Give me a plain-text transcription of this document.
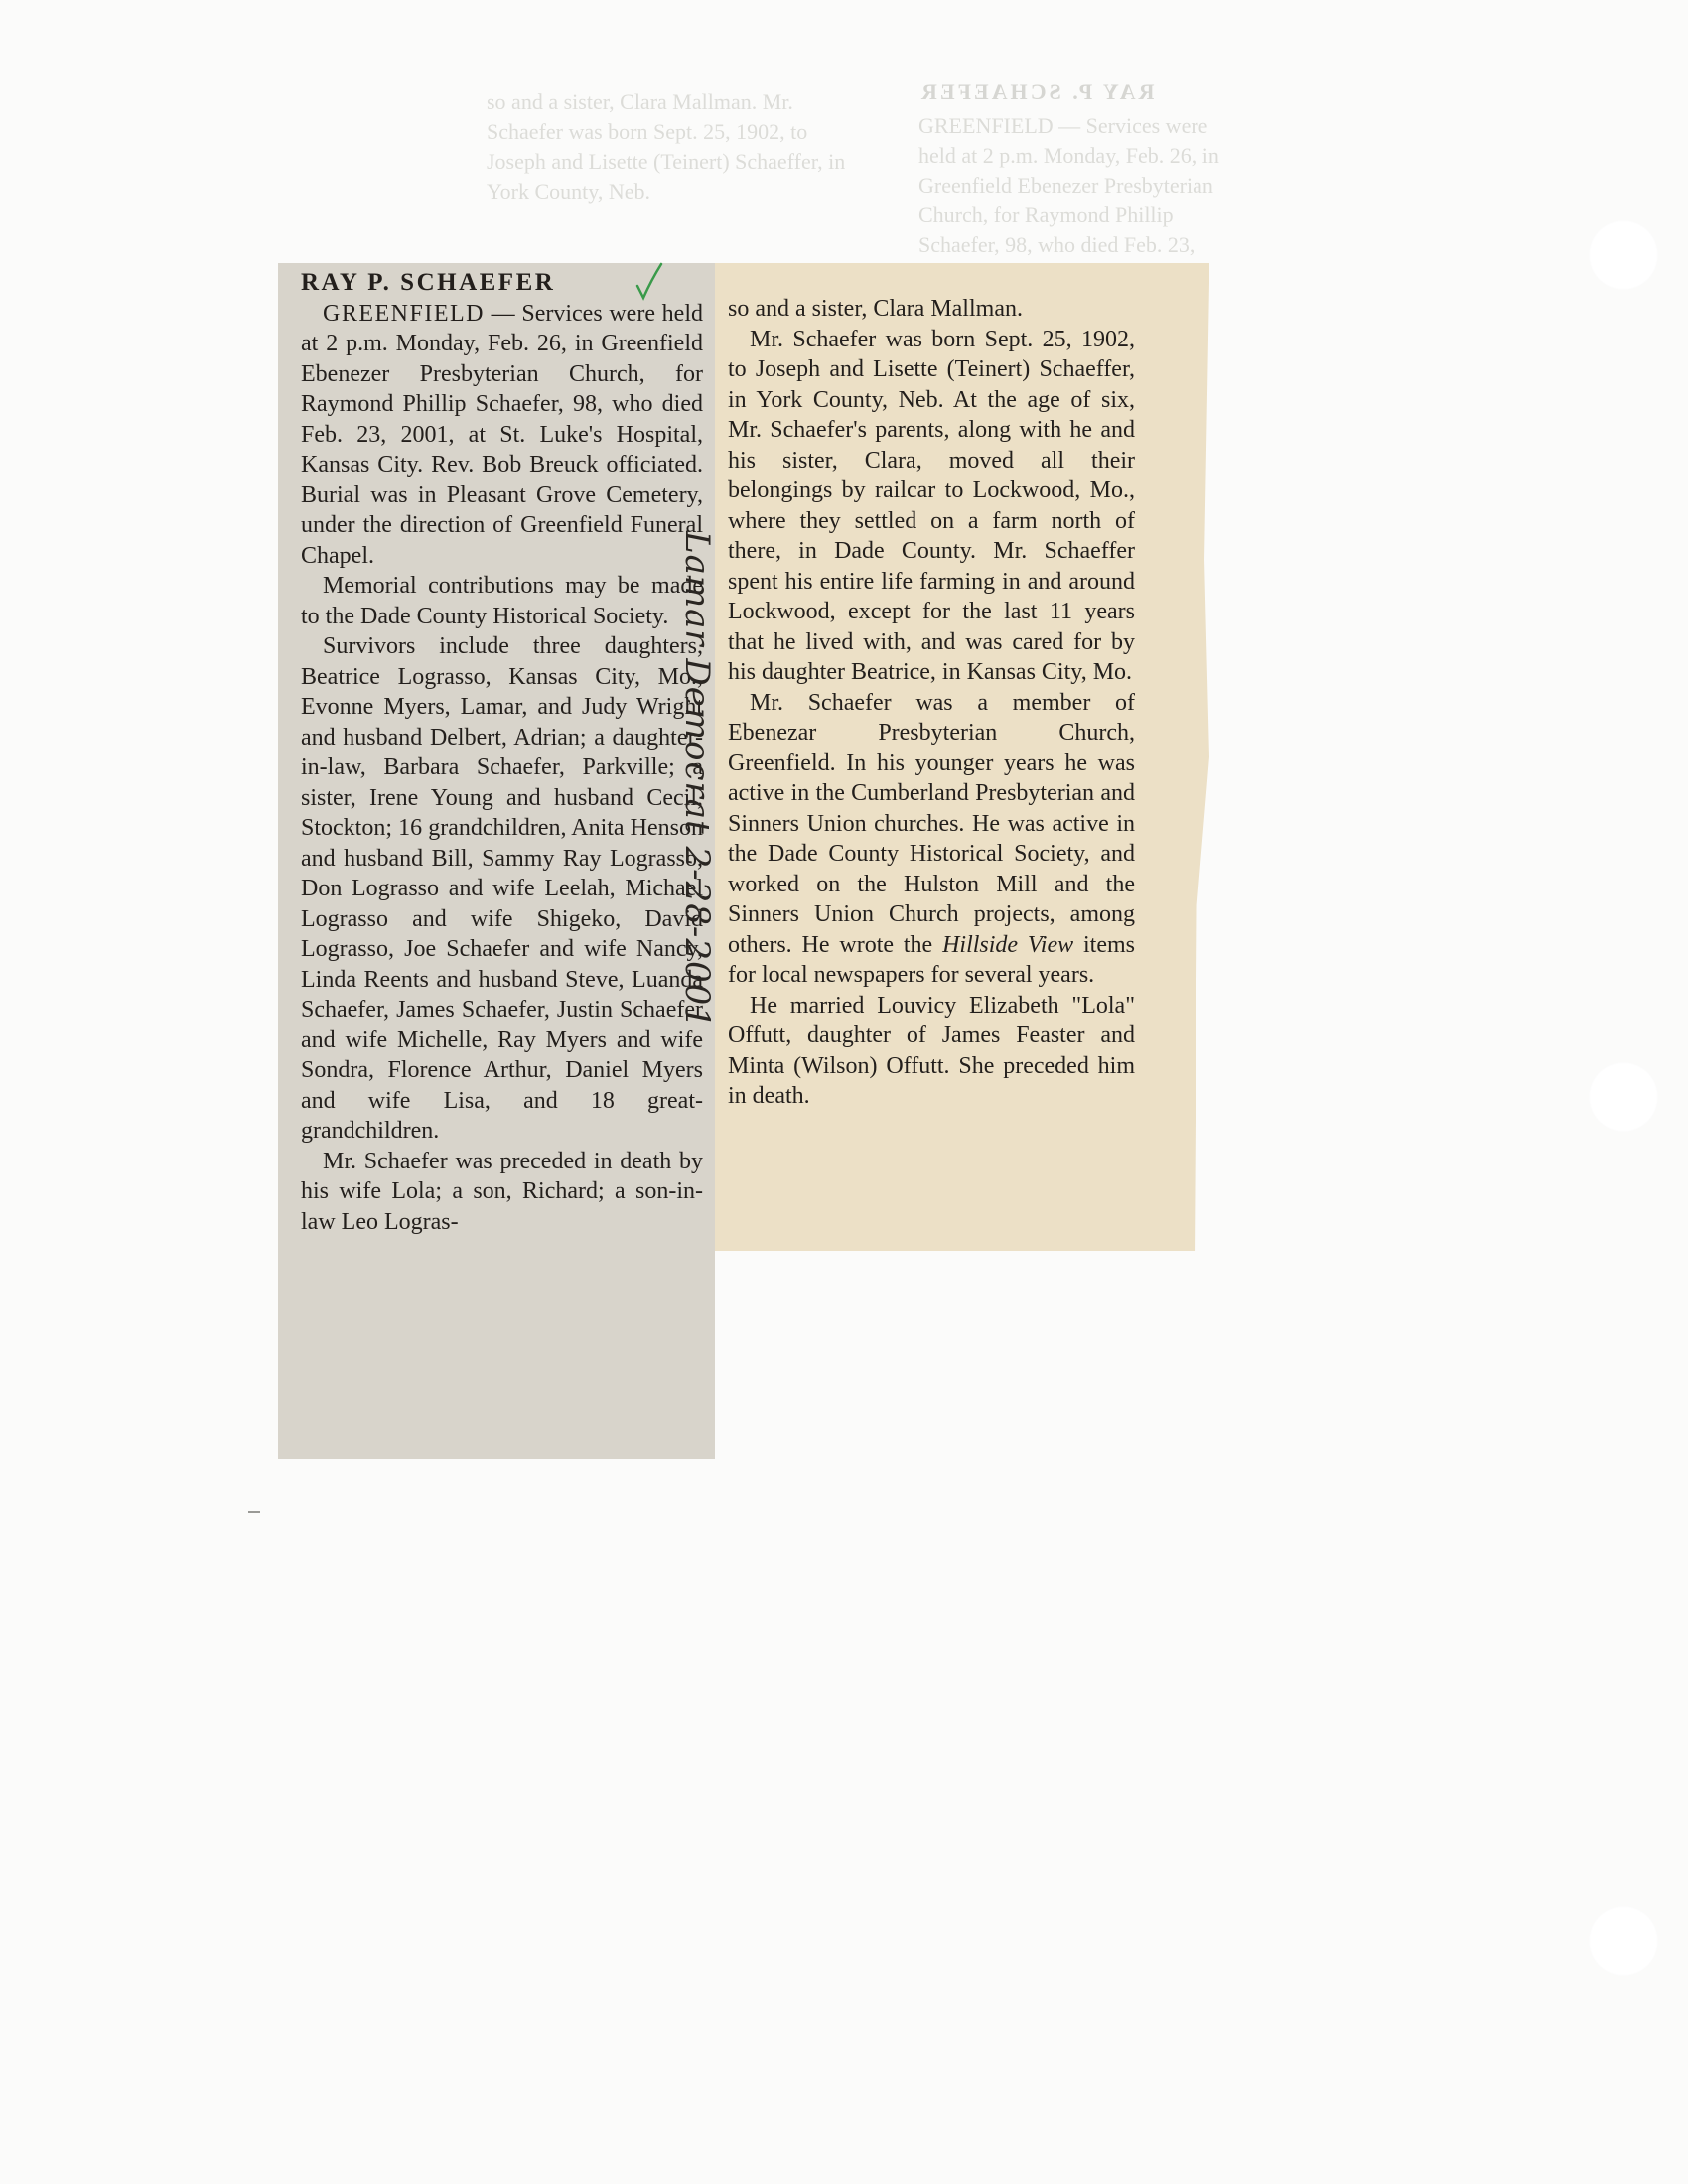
RAY P. SCHAEFER
GREENFIELD — Services were held at 2 p.m. Monday, Feb. 26, in Greenfield Ebenezer Presbyterian Church, for Raymond Phillip Schaefer, 98, who died Feb. 23,
so and a sister, Clara Mallman. Mr. Schaefer was born Sept. 25, 1902, to Joseph and Lisette (Teinert) Schaeffer, in York County, Neb.

RAY P. SCHAEFER

GREENFIELD — Services were held at 2 p.m. Monday, Feb. 26, in Greenfield Ebenezer Presbyterian Church, for Raymond Phillip Schaefer, 98, who died Feb. 23, 2001, at St. Luke's Hospital, Kansas City. Rev. Bob Breuck officiated. Burial was in Pleasant Grove Cemetery, under the direction of Greenfield Funeral Chapel.

Memorial contributions may be made to the Dade County Historical Society.

Survivors include three daughters, Beatrice Lograsso, Kansas City, Mo., Evonne Myers, Lamar, and Judy Wright and husband Delbert, Adrian; a daughter-in-law, Barbara Schaefer, Parkville; a sister, Irene Young and husband Cecil, Stockton; 16 grandchildren, Anita Henson and husband Bill, Sammy Ray Lograsso, Don Lograsso and wife Leelah, Michael Lograsso and wife Shigeko, David Lograsso, Joe Schaefer and wife Nancy, Linda Reents and husband Steve, Luanda Schaefer, James Schaefer, Justin Schaefer and wife Michelle, Ray Myers and wife Sondra, Florence Arthur, Daniel Myers and wife Lisa, and 18 great-grandchildren.

Mr. Schaefer was preceded in death by his wife Lola; a son, Richard; a son-in-law Leo Logras-

so and a sister, Clara Mallman.

Mr. Schaefer was born Sept. 25, 1902, to Joseph and Lisette (Teinert) Schaeffer, in York County, Neb. At the age of six, Mr. Schaefer's parents, along with he and his sister, Clara, moved all their belongings by railcar to Lockwood, Mo., where they settled on a farm north of there, in Dade County. Mr. Schaeffer spent his entire life farming in and around Lockwood, except for the last 11 years that he lived with, and was cared for by his daughter Beatrice, in Kansas City, Mo.

Mr. Schaefer was a member of Ebenezar Presbyterian Church, Greenfield. In his younger years he was active in the Cumberland Presbyterian and Sinners Union churches. He was active in the Dade County Historical Society, and worked on the Hulston Mill and the Sinners Union Church projects, among others. He wrote the Hillside View items for local newspapers for several years.

He married Louvicy Elizabeth "Lola" Offutt, daughter of James Feaster and Minta (Wilson) Offutt. She preceded him in death.

Lamar Democrat 2-28-2001
